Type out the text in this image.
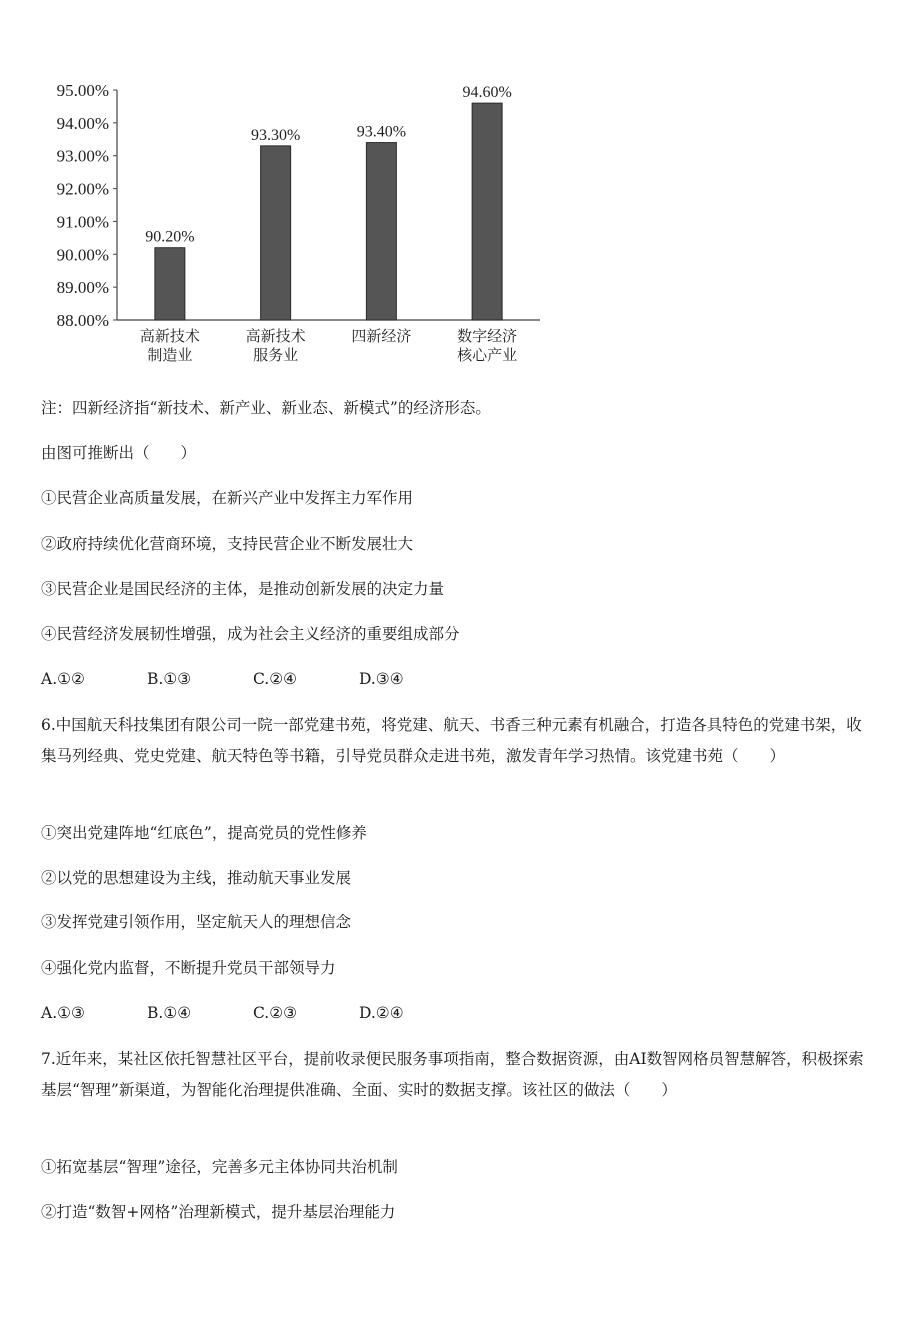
88.00%
89.00%
90.00%
91.00%
92.00%
93.00%
94.00%
95.00%
90.20%
93.30%	93.40%
94.60%
高新技术
制造业
高新技术
服务业
四新经济	数字经济
核心产业
注：四新经济指“新技术、新产业、新业态、新模式”的经济形态。
由图可推断出（　　）
①民营企业高质量发展，在新兴产业中发挥主力军作用
②政府持续优化营商环境，支持民营企业不断发展壮大
③民营企业是国民经济的主体，是推动创新发展的决定力量
④民营经济发展韧性增强，成为社会主义经济的重要组成部分
A.①②	B.①③	C.②④	D.③④
6.中国航天科技集团有限公司一院一部党建书苑，将党建、航天、书香三种元素有机融合，打造各具特色的党建书架，收集马列经典、党史党建、航天特色等书籍，引导党员群众走进书苑，激发青年学习热情。该党建书苑（　　）
①突出党建阵地“红底色”，提高党员的党性修养
②以党的思想建设为主线，推动航天事业发展
③发挥党建引领作用，坚定航天人的理想信念
④强化党内监督，不断提升党员干部领导力
A.①③	B.①④	C.②③	D.②④
7.近年来，某社区依托智慧社区平台，提前收录便民服务事项指南，整合数据资源，由AI数智网格员智慧解答，积极探索基层“智理”新渠道，为智能化治理提供准确、全面、实时的数据支撑。该社区的做法（　　）
①拓宽基层“智理”途径，完善多元主体协同共治机制
②打造“数智+网格”治理新模式，提升基层治理能力
